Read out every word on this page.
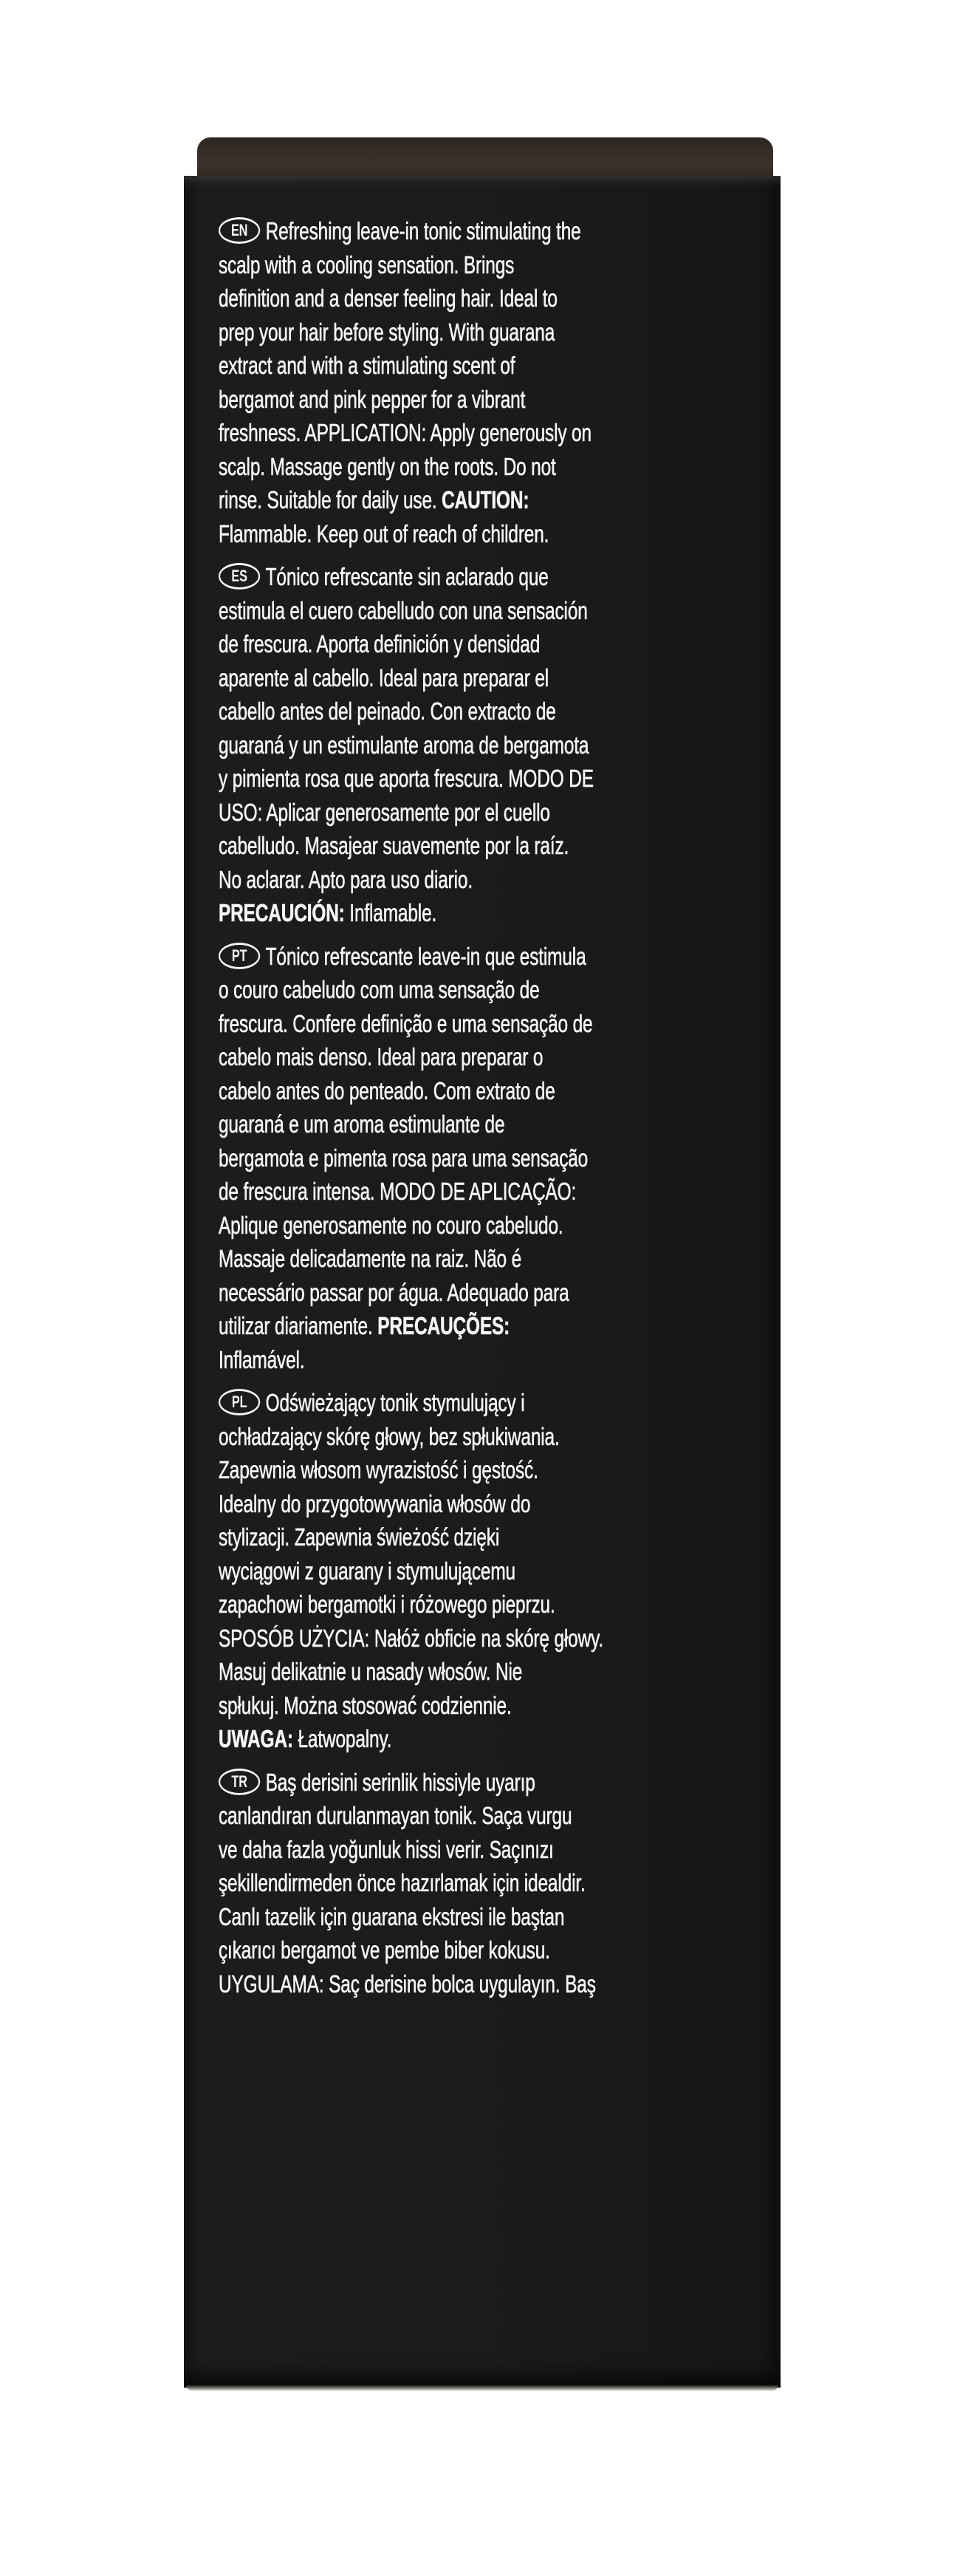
EN Refreshing leave-in tonic stimulating the
scalp with a cooling sensation. Brings
definition and a denser feeling hair. Ideal to
prep your hair before styling. With guarana
extract and with a stimulating scent of
bergamot and pink pepper for a vibrant
freshness. APPLICATION: Apply generously on
scalp. Massage gently on the roots. Do not
rinse. Suitable for daily use. CAUTION:
Flammable. Keep out of reach of children.
ES Tónico refrescante sin aclarado que
estimula el cuero cabelludo con una sensación
de frescura. Aporta definición y densidad
aparente al cabello. Ideal para preparar el
cabello antes del peinado. Con extracto de
guaraná y un estimulante aroma de bergamota
y pimienta rosa que aporta frescura. MODO DE
USO: Aplicar generosamente por el cuello
cabelludo. Masajear suavemente por la raíz.
No aclarar. Apto para uso diario.
PRECAUCIÓN: Inflamable.
PT Tónico refrescante leave-in que estimula
o couro cabeludo com uma sensação de
frescura. Confere definição e uma sensação de
cabelo mais denso. Ideal para preparar o
cabelo antes do penteado. Com extrato de
guaraná e um aroma estimulante de
bergamota e pimenta rosa para uma sensação
de frescura intensa. MODO DE APLICAÇÃO:
Aplique generosamente no couro cabeludo.
Massaje delicadamente na raiz. Não é
necessário passar por água. Adequado para
utilizar diariamente. PRECAUÇÕES:
Inflamável.
PL Odświeżający tonik stymulujący i
ochładzający skórę głowy, bez spłukiwania.
Zapewnia włosom wyrazistość i gęstość.
Idealny do przygotowywania włosów do
stylizacji. Zapewnia świeżość dzięki
wyciągowi z guarany i stymulującemu
zapachowi bergamotki i różowego pieprzu.
SPOSÓB UŻYCIA: Nałóż obficie na skórę głowy.
Masuj delikatnie u nasady włosów. Nie
spłukuj. Można stosować codziennie.
UWAGA: Łatwopalny.
TR Baş derisini serinlik hissiyle uyarıp
canlandıran durulanmayan tonik. Saça vurgu
ve daha fazla yoğunluk hissi verir. Saçınızı
şekillendirmeden önce hazırlamak için idealdir.
Canlı tazelik için guarana ekstresi ile baştan
çıkarıcı bergamot ve pembe biber kokusu.
UYGULAMA: Saç derisine bolca uygulayın. Baş
